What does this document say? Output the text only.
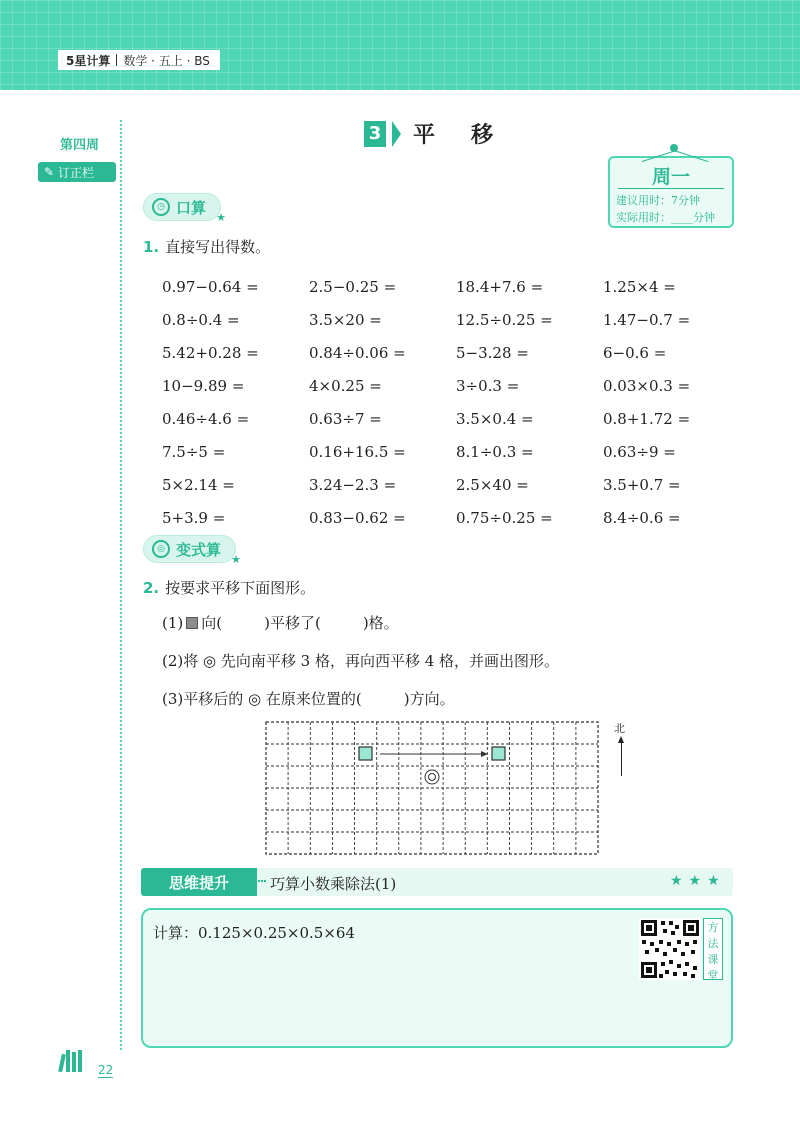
5星计算	数学 · 五上 · BS
第四周
✎ 订正栏
3 平移
周一
建议用时：7分钟
实际用时：____分钟
◷ 口算
★
1. 直接写出得数。
0.97−0.64 =	2.5−0.25 =	18.4+7.6 =	1.25×4 =
0.8÷0.4 =	3.5×20 =	12.5÷0.25 =	1.47−0.7 =
5.42+0.28 =	0.84÷0.06 =	5−3.28 =	6−0.6 =
10−9.89 =	4×0.25 =	3÷0.3 =	0.03×0.3 =
0.46÷4.6 =	0.63÷7 =	3.5×0.4 =	0.8+1.72 =
7.5÷5 =	0.16+16.5 =	8.1÷0.3 =	0.63÷9 =
5×2.14 =	3.24−2.3 =	2.5×40 =	3.5+0.7 =
5+3.9 =	0.83−0.62 =	0.75÷0.25 =	8.4÷0.6 =
◎ 变式算
★
2. 按要求平移下面图形。
(1) 向(	)平移了(	)格。
(2)将 ◎ 先向南平移 3 格，再向西平移 4 格，并画出图形。
(3)平移后的 ◎ 在原来位置的(	)方向。
北
思维提升	巧算小数乘除法(1)	★★★
计算：0.125×0.25×0.5×64	方
法
课
堂
22
